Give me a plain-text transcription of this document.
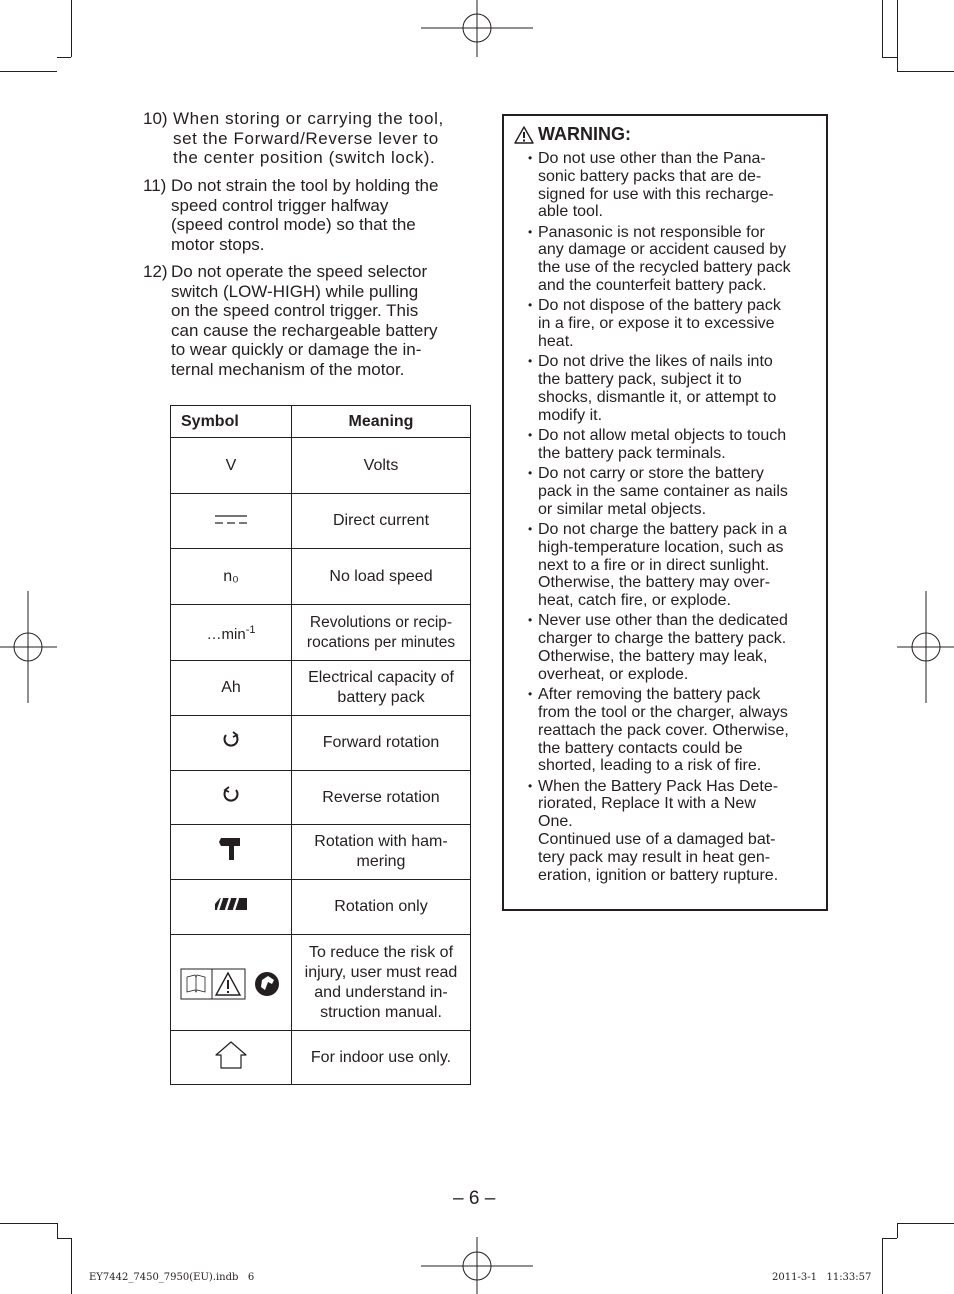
10) When storing or carrying the tool,
set the Forward/Reverse lever to
the center position (switch lock).
11) Do not strain the tool by holding the
speed control trigger halfway
(speed control mode) so that the
motor stops.
12) Do not operate the speed selector
switch (LOW-HIGH) while pulling
on the speed control trigger. This
can cause the rechargeable battery
to wear quickly or damage the in-
ternal mechanism of the motor.
Symbol	Meaning
V	Volts
	Direct current
n₀	No load speed
$\dots\min^{-1}$	Revolutions or recip-
rocations per minutes
Ah	Electrical capacity of
battery pack
	Forward rotation
	Reverse rotation
	Rotation with ham-
mering
	Rotation only

	To reduce the risk of
injury, user must read
and understand in-
struction manual.
	For indoor use only.
WARNING:
• Do not use other than the Pana-
sonic battery packs that are de-
signed for use with this recharge-
able tool.
• Panasonic is not responsible for
any damage or accident caused by
the use of the recycled battery pack
and the counterfeit battery pack.
• Do not dispose of the battery pack
in a fire, or expose it to excessive
heat.
• Do not drive the likes of nails into
the battery pack, subject it to
shocks, dismantle it, or attempt to
modify it.
• Do not allow metal objects to touch
the battery pack terminals.
• Do not carry or store the battery
pack in the same container as nails
or similar metal objects.
• Do not charge the battery pack in a
high-temperature location, such as
next to a fire or in direct sunlight.
Otherwise, the battery may over-
heat, catch fire, or explode.
• Never use other than the dedicated
charger to charge the battery pack.
Otherwise, the battery may leak,
overheat, or explode.
• After removing the battery pack
from the tool or the charger, always
reattach the pack cover. Otherwise,
the battery contacts could be
shorted, leading to a risk of fire.
• When the Battery Pack Has Dete-
riorated, Replace It with a New
One.
Continued use of a damaged bat-
tery pack may result in heat gen-
eration, ignition or battery rupture.
– 6 –
EY7442_7450_7950(EU).indb   6	2011-3-1   11:33:57
